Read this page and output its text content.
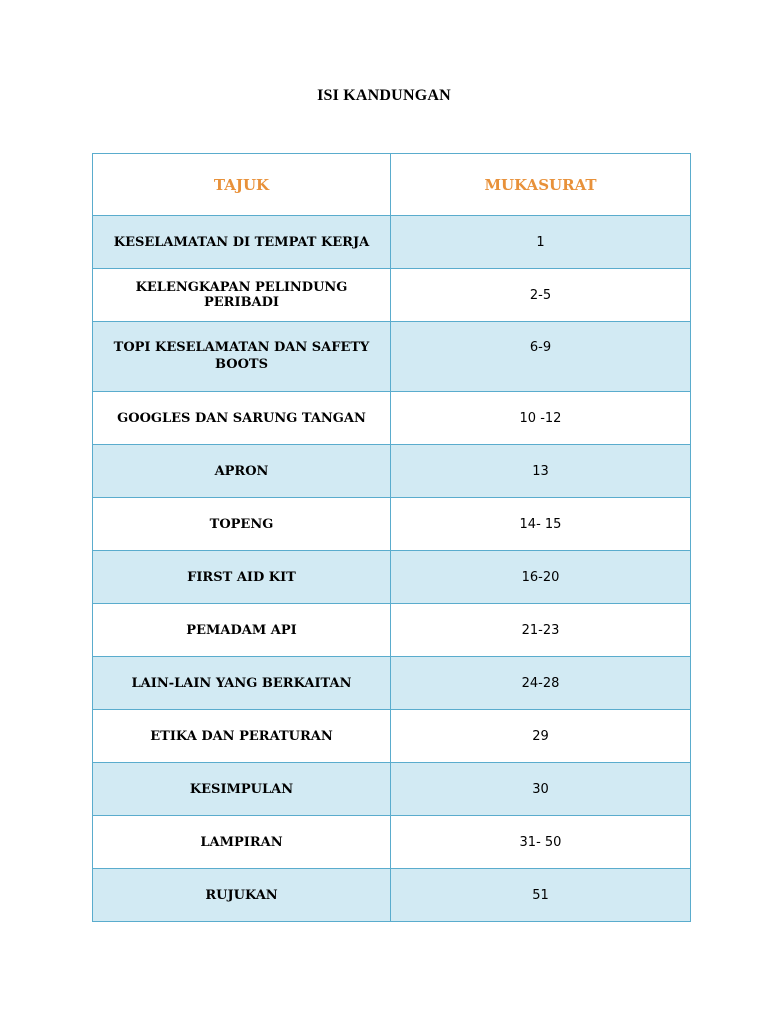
ISI KANDUNGAN
TAJUK	MUKASURAT
KESELAMATAN DI TEMPAT KERJA	1
KELENGKAPAN PELINDUNG PERIBADI	2-5
TOPI KESELAMATAN DAN SAFETY BOOTS	6-9
GOOGLES DAN SARUNG TANGAN	10 -12
APRON	13
TOPENG	14- 15
FIRST AID KIT	16-20
PEMADAM API	21-23
LAIN-LAIN YANG BERKAITAN	24-28
ETIKA DAN PERATURAN	29
KESIMPULAN	30
LAMPIRAN	31- 50
RUJUKAN	51
